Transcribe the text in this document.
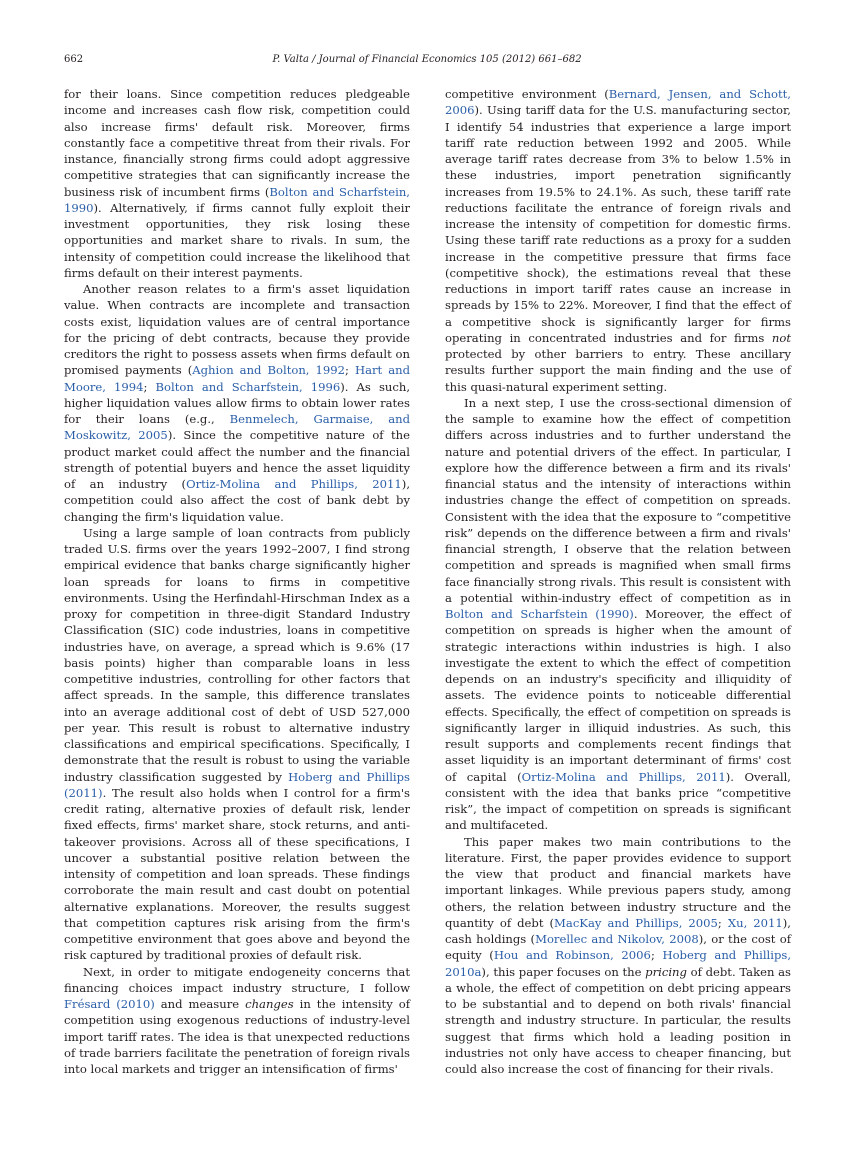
662	P. Valta / Journal of Financial Economics 105 (2012) 661–682

for their loans. Since competition reduces pledgeable income and increases cash flow risk, competition could also increase firms' default risk. Moreover, firms constantly face a competitive threat from their rivals. For instance, financially strong firms could adopt aggressive competitive strategies that can significantly increase the business risk of incumbent firms (Bolton and Scharfstein, 1990). Alternatively, if firms cannot fully exploit their investment opportunities, they risk losing these opportunities and market share to rivals. In sum, the intensity of competition could increase the likelihood that firms default on their interest payments.

Another reason relates to a firm's asset liquidation value. When contracts are incomplete and transaction costs exist, liquidation values are of central importance for the pricing of debt contracts, because they provide creditors the right to possess assets when firms default on promised payments (Aghion and Bolton, 1992; Hart and Moore, 1994; Bolton and Scharfstein, 1996). As such, higher liquidation values allow firms to obtain lower rates for their loans (e.g., Benmelech, Garmaise, and Moskowitz, 2005). Since the competitive nature of the product market could affect the number and the financial strength of potential buyers and hence the asset liquidity of an industry (Ortiz-Molina and Phillips, 2011), competition could also affect the cost of bank debt by changing the firm's liquidation value.

Using a large sample of loan contracts from publicly traded U.S. firms over the years 1992–2007, I find strong empirical evidence that banks charge significantly higher loan spreads for loans to firms in competitive environments. Using the Herfindahl-Hirschman Index as a proxy for competition in three-digit Standard Industry Classification (SIC) code industries, loans in competitive industries have, on average, a spread which is 9.6% (17 basis points) higher than comparable loans in less competitive industries, controlling for other factors that affect spreads. In the sample, this difference translates into an average additional cost of debt of USD 527,000 per year. This result is robust to alternative industry classifications and empirical specifications. Specifically, I demonstrate that the result is robust to using the variable industry classification suggested by Hoberg and Phillips (2011). The result also holds when I control for a firm's credit rating, alternative proxies of default risk, lender fixed effects, firms' market share, stock returns, and anti-takeover provisions. Across all of these specifications, I uncover a substantial positive relation between the intensity of competition and loan spreads. These findings corroborate the main result and cast doubt on potential alternative explanations. Moreover, the results suggest that competition captures risk arising from the firm's competitive environment that goes above and beyond the risk captured by traditional proxies of default risk.

Next, in order to mitigate endogeneity concerns that financing choices impact industry structure, I follow Frésard (2010) and measure changes in the intensity of competition using exogenous reductions of industry-level import tariff rates. The idea is that unexpected reductions of trade barriers facilitate the penetration of foreign rivals into local markets and trigger an intensification of firms'

competitive environment (Bernard, Jensen, and Schott, 2006). Using tariff data for the U.S. manufacturing sector, I identify 54 industries that experience a large import tariff rate reduction between 1992 and 2005. While average tariff rates decrease from 3% to below 1.5% in these industries, import penetration significantly increases from 19.5% to 24.1%. As such, these tariff rate reductions facilitate the entrance of foreign rivals and increase the intensity of competition for domestic firms. Using these tariff rate reductions as a proxy for a sudden increase in the competitive pressure that firms face (competitive shock), the estimations reveal that these reductions in import tariff rates cause an increase in spreads by 15% to 22%. Moreover, I find that the effect of a competitive shock is significantly larger for firms operating in concentrated industries and for firms not protected by other barriers to entry. These ancillary results further support the main finding and the use of this quasi-natural experiment setting.

In a next step, I use the cross-sectional dimension of the sample to examine how the effect of competition differs across industries and to further understand the nature and potential drivers of the effect. In particular, I explore how the difference between a firm and its rivals' financial status and the intensity of interactions within industries change the effect of competition on spreads. Consistent with the idea that the exposure to “competitive risk” depends on the difference between a firm and rivals' financial strength, I observe that the relation between competition and spreads is magnified when small firms face financially strong rivals. This result is consistent with a potential within-industry effect of competition as in Bolton and Scharfstein (1990). Moreover, the effect of competition on spreads is higher when the amount of strategic interactions within industries is high. I also investigate the extent to which the effect of competition depends on an industry's specificity and illiquidity of assets. The evidence points to noticeable differential effects. Specifically, the effect of competition on spreads is significantly larger in illiquid industries. As such, this result supports and complements recent findings that asset liquidity is an important determinant of firms' cost of capital (Ortiz-Molina and Phillips, 2011). Overall, consistent with the idea that banks price “competitive risk”, the impact of competition on spreads is significant and multifaceted.

This paper makes two main contributions to the literature. First, the paper provides evidence to support the view that product and financial markets have important linkages. While previous papers study, among others, the relation between industry structure and the quantity of debt (MacKay and Phillips, 2005; Xu, 2011), cash holdings (Morellec and Nikolov, 2008), or the cost of equity (Hou and Robinson, 2006; Hoberg and Phillips, 2010a), this paper focuses on the pricing of debt. Taken as a whole, the effect of competition on debt pricing appears to be substantial and to depend on both rivals' financial strength and industry structure. In particular, the results suggest that firms which hold a leading position in industries not only have access to cheaper financing, but could also increase the cost of financing for their rivals.
